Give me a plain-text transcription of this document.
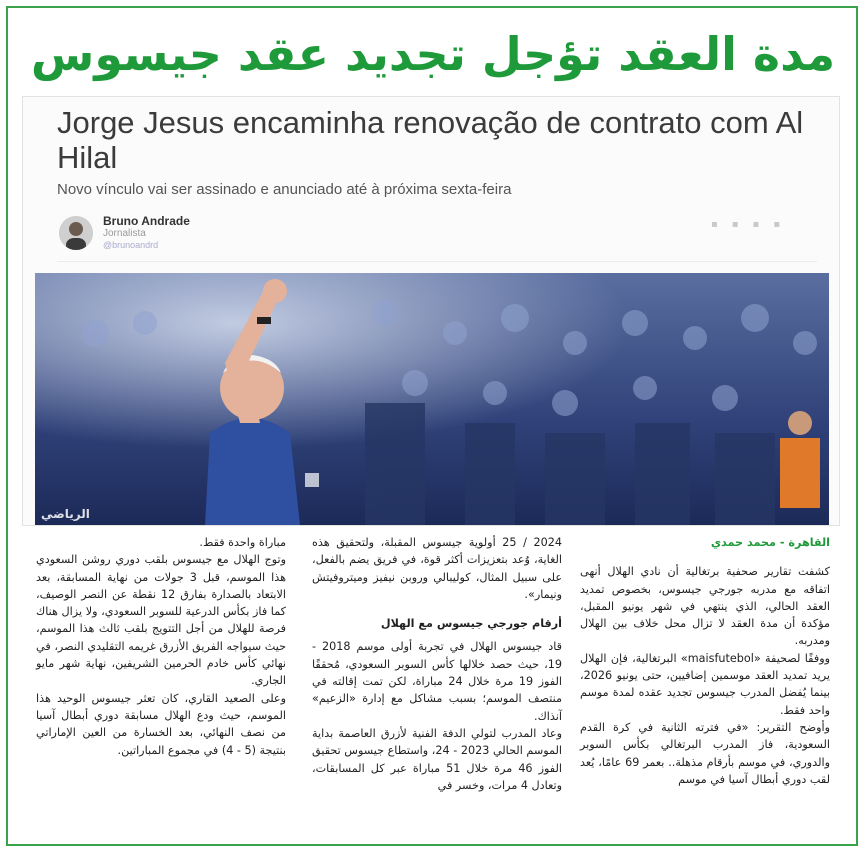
مدة العقد تؤجل تجديد عقد جيسوس
Jorge Jesus encaminha renovação de contrato com Al Hilal
Novo vínculo vai ser assinado e anunciado até à próxima sexta-feira
Bruno Andrade
Jornalista
@brunoandrd
▪▪▪▪
الرياضي

القاهرة - محمد حمدي

كشفت تقارير صحفية برتغالية أن نادي الهلال أنهى اتفاقه مع مدربه جورجي جيسوس، بخصوص تمديد العقد الحالي، الذي ينتهي في شهر يونيو المقبل، مؤكدة أن مدة العقد لا تزال محل خلاف بين الهلال ومدربه.

ووفقًا لصحيفة «maisfutebol» البرتغالية، فإن الهلال يريد تمديد العقد موسمين إضافيين، حتى يونيو 2026، بينما يُفضل المدرب جيسوس تجديد عقده لمدة موسم واحد فقط.

وأوضح التقرير: «في فترته الثانية في كرة القدم السعودية، فاز المدرب البرتغالي بكأس السوبر والدوري، في موسم بأرقام مذهلة.. بعمر 69 عامًا، يُعد لقب دوري أبطال آسيا في موسم

2024 / 25 أولوية جيسوس المقبلة، ولتحقيق هذه الغاية، وُعد بتعزيزات أكثر قوة، في فريق يضم بالفعل، على سبيل المثال، كوليبالي وروبن نيفيز وميتروفيتش ونيمار».

أرقام جورجي جيسوس مع الهلال

قاد جيسوس الهلال في تجربة أولى موسم 2018 - 19، حيث حصد خلالها كأس السوبر السعودي، مُحققًا الفوز 19 مرة خلال 24 مباراة، لكن تمت إقالته في منتصف الموسم؛ بسبب مشاكل مع إدارة «الزعيم» آنذاك.

وعاد المدرب لتولي الدفة الفنية لأزرق العاصمة بداية الموسم الحالي 2023 - 24، واستطاع جيسوس تحقيق الفوز 46 مرة خلال 51 مباراة عبر كل المسابقات، وتعادل 4 مرات، وخسر في

مباراة واحدة فقط.

وتوج الهلال مع جيسوس بلقب دوري روشن السعودي هذا الموسم، قبل 3 جولات من نهاية المسابقة، بعد الابتعاد بالصدارة بفارق 12 نقطة عن النصر الوصيف، كما فاز بكأس الدرعية للسوبر السعودي، ولا يزال هناك فرصة للهلال من أجل التتويج بلقب ثالث هذا الموسم، حيث سيواجه الفريق الأزرق غريمه التقليدي النصر، في نهائي كأس خادم الحرمين الشريفين، نهاية شهر مايو الجاري.

وعلى الصعيد القاري، كان تعثر جيسوس الوحيد هذا الموسم، حيث ودع الهلال مسابقة دوري أبطال آسيا من نصف النهائي، بعد الخسارة من العين الإماراتي بنتيجة (5 - 4) في مجموع المباراتين.
